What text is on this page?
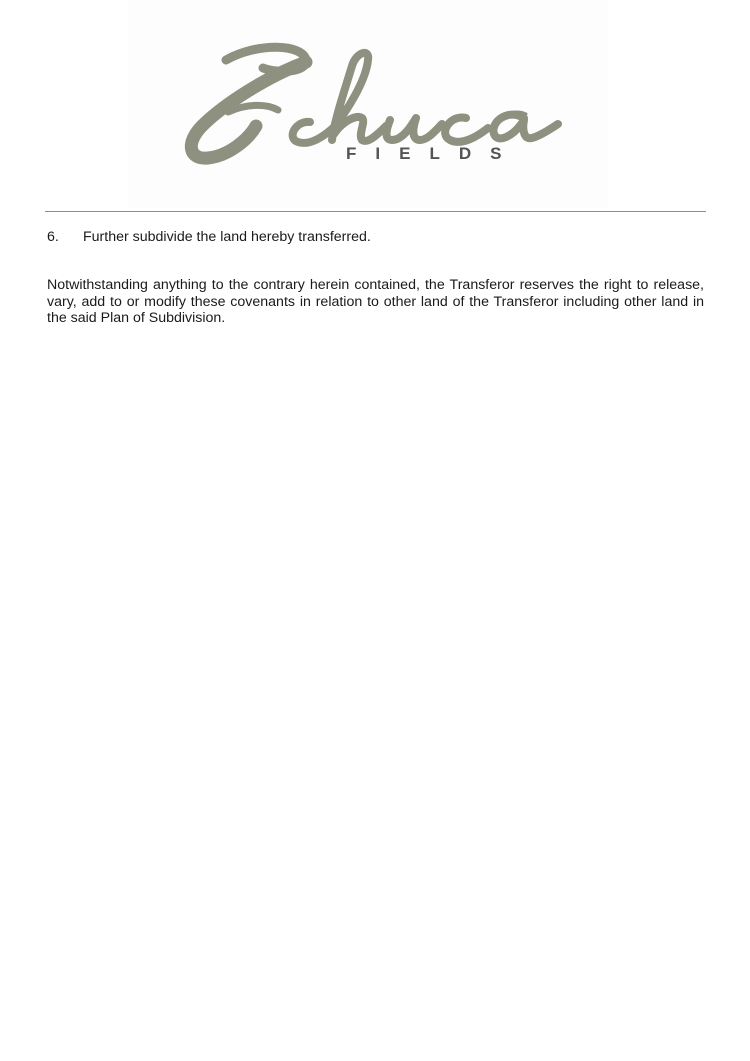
FIELDS
6. Further subdivide the land hereby transferred.
Notwithstanding anything to the contrary herein contained, the Transferor reserves the right to release, vary, add to or modify these covenants in relation to other land of the Transferor including other land in the said Plan of Subdivision.
